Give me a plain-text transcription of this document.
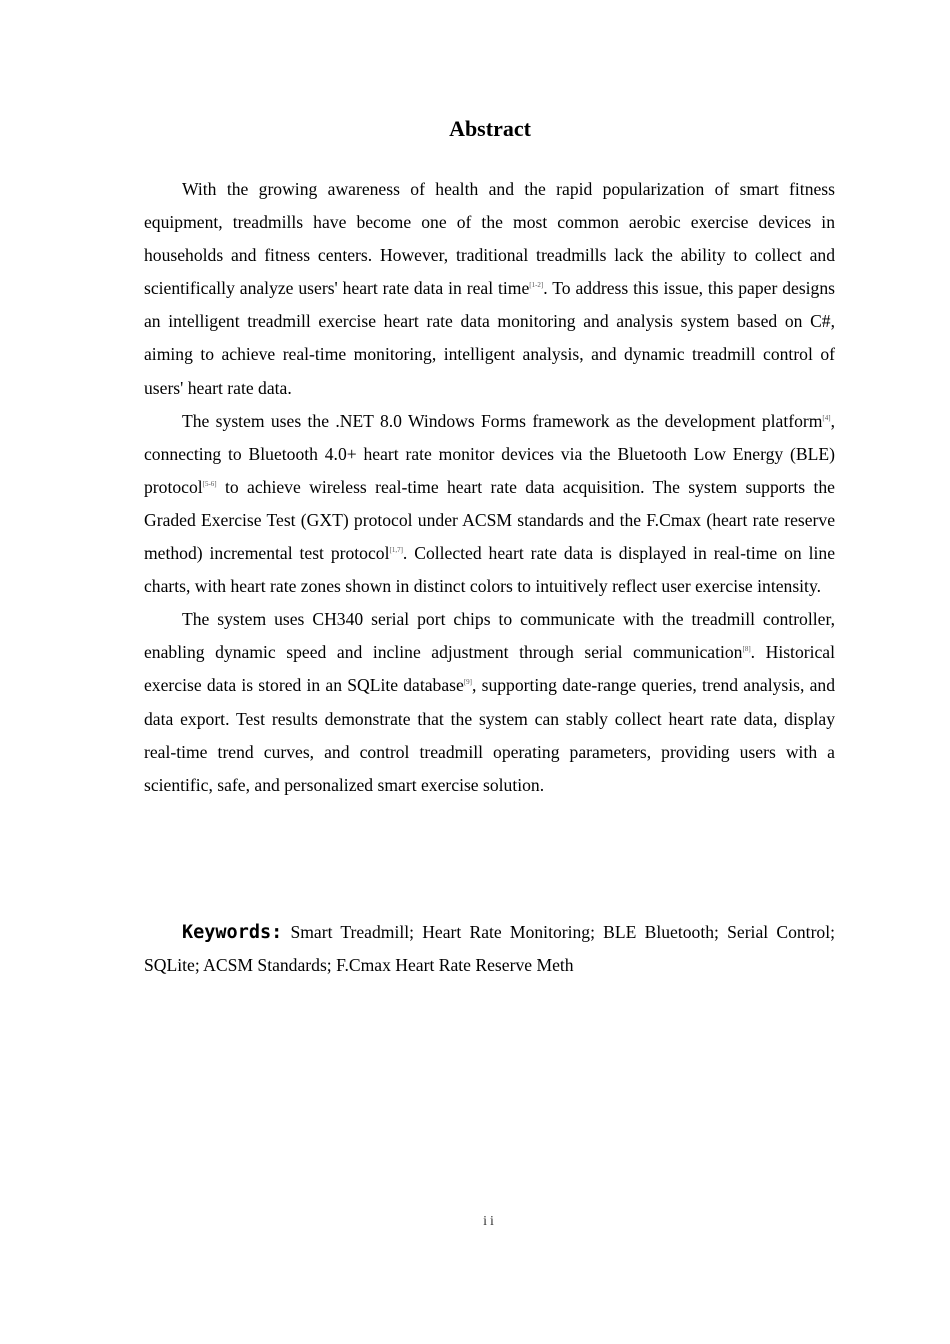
Abstract

With the growing awareness of health and the rapid popularization of smart fitness equipment, treadmills have become one of the most common aerobic exercise devices in households and fitness centers. However, traditional treadmills lack the ability to collect and scientifically analyze users' heart rate data in real time[1-2]. To address this issue, this paper designs an intelligent treadmill exercise heart rate data monitoring and analysis system based on C#, aiming to achieve real-time monitoring, intelligent analysis, and dynamic treadmill control of users' heart rate data.

The system uses the .NET 8.0 Windows Forms framework as the development platform[4], connecting to Bluetooth 4.0+ heart rate monitor devices via the Bluetooth Low Energy (BLE) protocol[5-6] to achieve wireless real-time heart rate data acquisition. The system supports the Graded Exercise Test (GXT) protocol under ACSM standards and the F.Cmax (heart rate reserve method) incremental test protocol[1,7]. Collected heart rate data is displayed in real-time on line charts, with heart rate zones shown in distinct colors to intuitively reflect user exercise intensity.

The system uses CH340 serial port chips to communicate with the treadmill controller, enabling dynamic speed and incline adjustment through serial communication[8]. Historical exercise data is stored in an SQLite database[9], supporting date-range queries, trend analysis, and data export. Test results demonstrate that the system can stably collect heart rate data, display real-time trend curves, and control treadmill operating parameters, providing users with a scientific, safe, and personalized smart exercise solution.

Keywords: Smart Treadmill; Heart Rate Monitoring; BLE Bluetooth; Serial Control; SQLite; ACSM Standards; F.Cmax Heart Rate Reserve Meth

ii
